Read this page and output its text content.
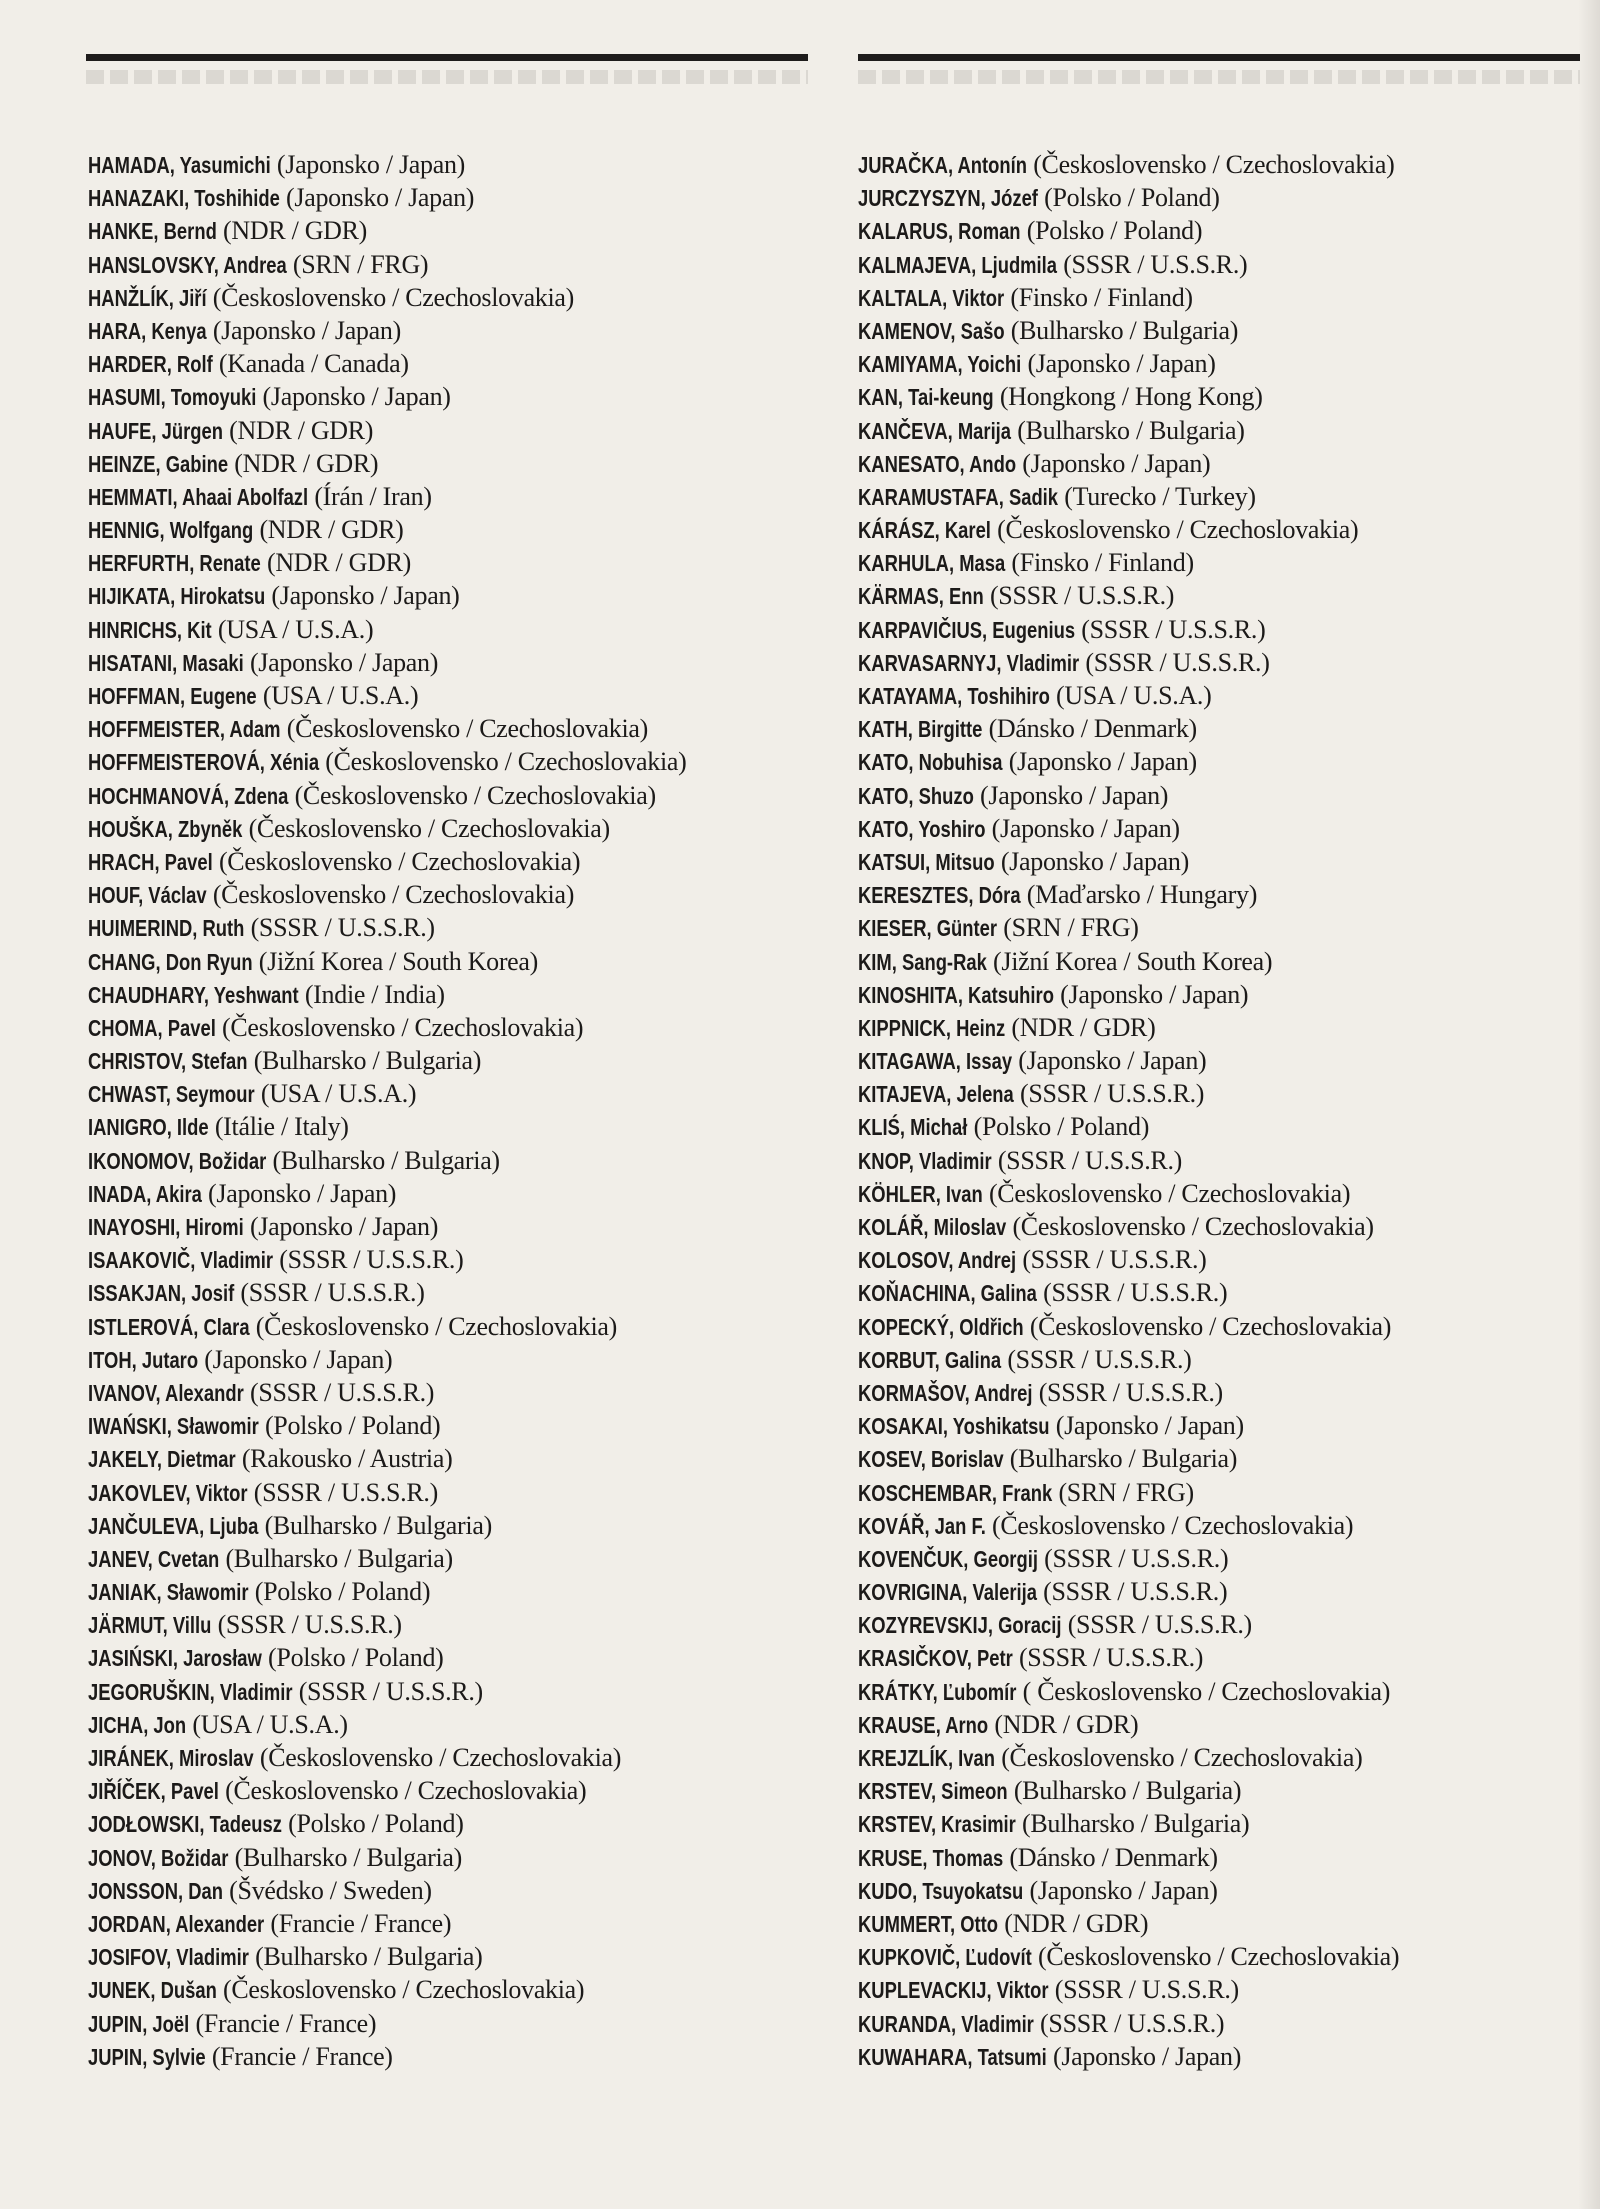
HAMADA, Yasumichi (Japonsko / Japan)
HANAZAKI, Toshihide (Japonsko / Japan)
HANKE, Bernd (NDR / GDR)
HANSLOVSKY, Andrea (SRN / FRG)
HANŽLÍK, Jiří (Československo / Czechoslovakia)
HARA, Kenya (Japonsko / Japan)
HARDER, Rolf (Kanada / Canada)
HASUMI, Tomoyuki (Japonsko / Japan)
HAUFE, Jürgen (NDR / GDR)
HEINZE, Gabine (NDR / GDR)
HEMMATI, Ahaai Abolfazl (Írán / Iran)
HENNIG, Wolfgang (NDR / GDR)
HERFURTH, Renate (NDR / GDR)
HIJIKATA, Hirokatsu (Japonsko / Japan)
HINRICHS, Kit (USA / U.S.A.)
HISATANI, Masaki (Japonsko / Japan)
HOFFMAN, Eugene (USA / U.S.A.)
HOFFMEISTER, Adam (Československo / Czechoslovakia)
HOFFMEISTEROVÁ, Xénia (Československo / Czechoslovakia)
HOCHMANOVÁ, Zdena (Československo / Czechoslovakia)
HOUŠKA, Zbyněk (Československo / Czechoslovakia)
HRACH, Pavel (Československo / Czechoslovakia)
HOUF, Václav (Československo / Czechoslovakia)
HUIMERIND, Ruth (SSSR / U.S.S.R.)
CHANG, Don Ryun (Jižní Korea / South Korea)
CHAUDHARY, Yeshwant (Indie / India)
CHOMA, Pavel (Československo / Czechoslovakia)
CHRISTOV, Stefan (Bulharsko / Bulgaria)
CHWAST, Seymour (USA / U.S.A.)
IANIGRO, Ilde (Itálie / Italy)
IKONOMOV, Božidar (Bulharsko / Bulgaria)
INADA, Akira (Japonsko / Japan)
INAYOSHI, Hiromi (Japonsko / Japan)
ISAAKOVIČ, Vladimir (SSSR / U.S.S.R.)
ISSAKJAN, Josif (SSSR / U.S.S.R.)
ISTLEROVÁ, Clara (Československo / Czechoslovakia)
ITOH, Jutaro (Japonsko / Japan)
IVANOV, Alexandr (SSSR / U.S.S.R.)
IWAŃSKI, Sławomir (Polsko / Poland)
JAKELY, Dietmar (Rakousko / Austria)
JAKOVLEV, Viktor (SSSR / U.S.S.R.)
JANČULEVA, Ljuba (Bulharsko / Bulgaria)
JANEV, Cvetan (Bulharsko / Bulgaria)
JANIAK, Sławomir (Polsko / Poland)
JÄRMUT, Villu (SSSR / U.S.S.R.)
JASIŃSKI, Jarosław (Polsko / Poland)
JEGORUŠKIN, Vladimir (SSSR / U.S.S.R.)
JICHA, Jon (USA / U.S.A.)
JIRÁNEK, Miroslav (Československo / Czechoslovakia)
JIŘÍČEK, Pavel (Československo / Czechoslovakia)
JODŁOWSKI, Tadeusz (Polsko / Poland)
JONOV, Božidar (Bulharsko / Bulgaria)
JONSSON, Dan (Švédsko / Sweden)
JORDAN, Alexander (Francie / France)
JOSIFOV, Vladimir (Bulharsko / Bulgaria)
JUNEK, Dušan (Československo / Czechoslovakia)
JUPIN, Joël (Francie / France)
JUPIN, Sylvie (Francie / France)
JURAČKA, Antonín (Československo / Czechoslovakia)
JURCZYSZYN, Józef (Polsko / Poland)
KALARUS, Roman (Polsko / Poland)
KALMAJEVA, Ljudmila (SSSR / U.S.S.R.)
KALTALA, Viktor (Finsko / Finland)
KAMENOV, Sašo (Bulharsko / Bulgaria)
KAMIYAMA, Yoichi (Japonsko / Japan)
KAN, Tai-keung (Hongkong / Hong Kong)
KANČEVA, Marija (Bulharsko / Bulgaria)
KANESATO, Ando (Japonsko / Japan)
KARAMUSTAFA, Sadik (Turecko / Turkey)
KÁRÁSZ, Karel (Československo / Czechoslovakia)
KARHULA, Masa (Finsko / Finland)
KÄRMAS, Enn (SSSR / U.S.S.R.)
KARPAVIČIUS, Eugenius (SSSR / U.S.S.R.)
KARVASARNYJ, Vladimir (SSSR / U.S.S.R.)
KATAYAMA, Toshihiro (USA / U.S.A.)
KATH, Birgitte (Dánsko / Denmark)
KATO, Nobuhisa (Japonsko / Japan)
KATO, Shuzo (Japonsko / Japan)
KATO, Yoshiro (Japonsko / Japan)
KATSUI, Mitsuo (Japonsko / Japan)
KERESZTES, Dóra (Maďarsko / Hungary)
KIESER, Günter (SRN / FRG)
KIM, Sang-Rak (Jižní Korea / South Korea)
KINOSHITA, Katsuhiro (Japonsko / Japan)
KIPPNICK, Heinz (NDR / GDR)
KITAGAWA, Issay (Japonsko / Japan)
KITAJEVA, Jelena (SSSR / U.S.S.R.)
KLIŚ, Michał (Polsko / Poland)
KNOP, Vladimir (SSSR / U.S.S.R.)
KÖHLER, Ivan (Československo / Czechoslovakia)
KOLÁŘ, Miloslav (Československo / Czechoslovakia)
KOLOSOV, Andrej (SSSR / U.S.S.R.)
KOŇACHINA, Galina (SSSR / U.S.S.R.)
KOPECKÝ, Oldřich (Československo / Czechoslovakia)
KORBUT, Galina (SSSR / U.S.S.R.)
KORMAŠOV, Andrej (SSSR / U.S.S.R.)
KOSAKAI, Yoshikatsu (Japonsko / Japan)
KOSEV, Borislav (Bulharsko / Bulgaria)
KOSCHEMBAR, Frank (SRN / FRG)
KOVÁŘ, Jan F. (Československo / Czechoslovakia)
KOVENČUK, Georgij (SSSR / U.S.S.R.)
KOVRIGINA, Valerija (SSSR / U.S.S.R.)
KOZYREVSKIJ, Goracij (SSSR / U.S.S.R.)
KRASIČKOV, Petr (SSSR / U.S.S.R.)
KRÁTKY, Ľubomír ( Československo / Czechoslovakia)
KRAUSE, Arno (NDR / GDR)
KREJZLÍK, Ivan (Československo / Czechoslovakia)
KRSTEV, Simeon (Bulharsko / Bulgaria)
KRSTEV, Krasimir (Bulharsko / Bulgaria)
KRUSE, Thomas (Dánsko / Denmark)
KUDO, Tsuyokatsu (Japonsko / Japan)
KUMMERT, Otto (NDR / GDR)
KUPKOVIČ, Ľudovít (Československo / Czechoslovakia)
KUPLEVACKIJ, Viktor (SSSR / U.S.S.R.)
KURANDA, Vladimir (SSSR / U.S.S.R.)
KUWAHARA, Tatsumi (Japonsko / Japan)
